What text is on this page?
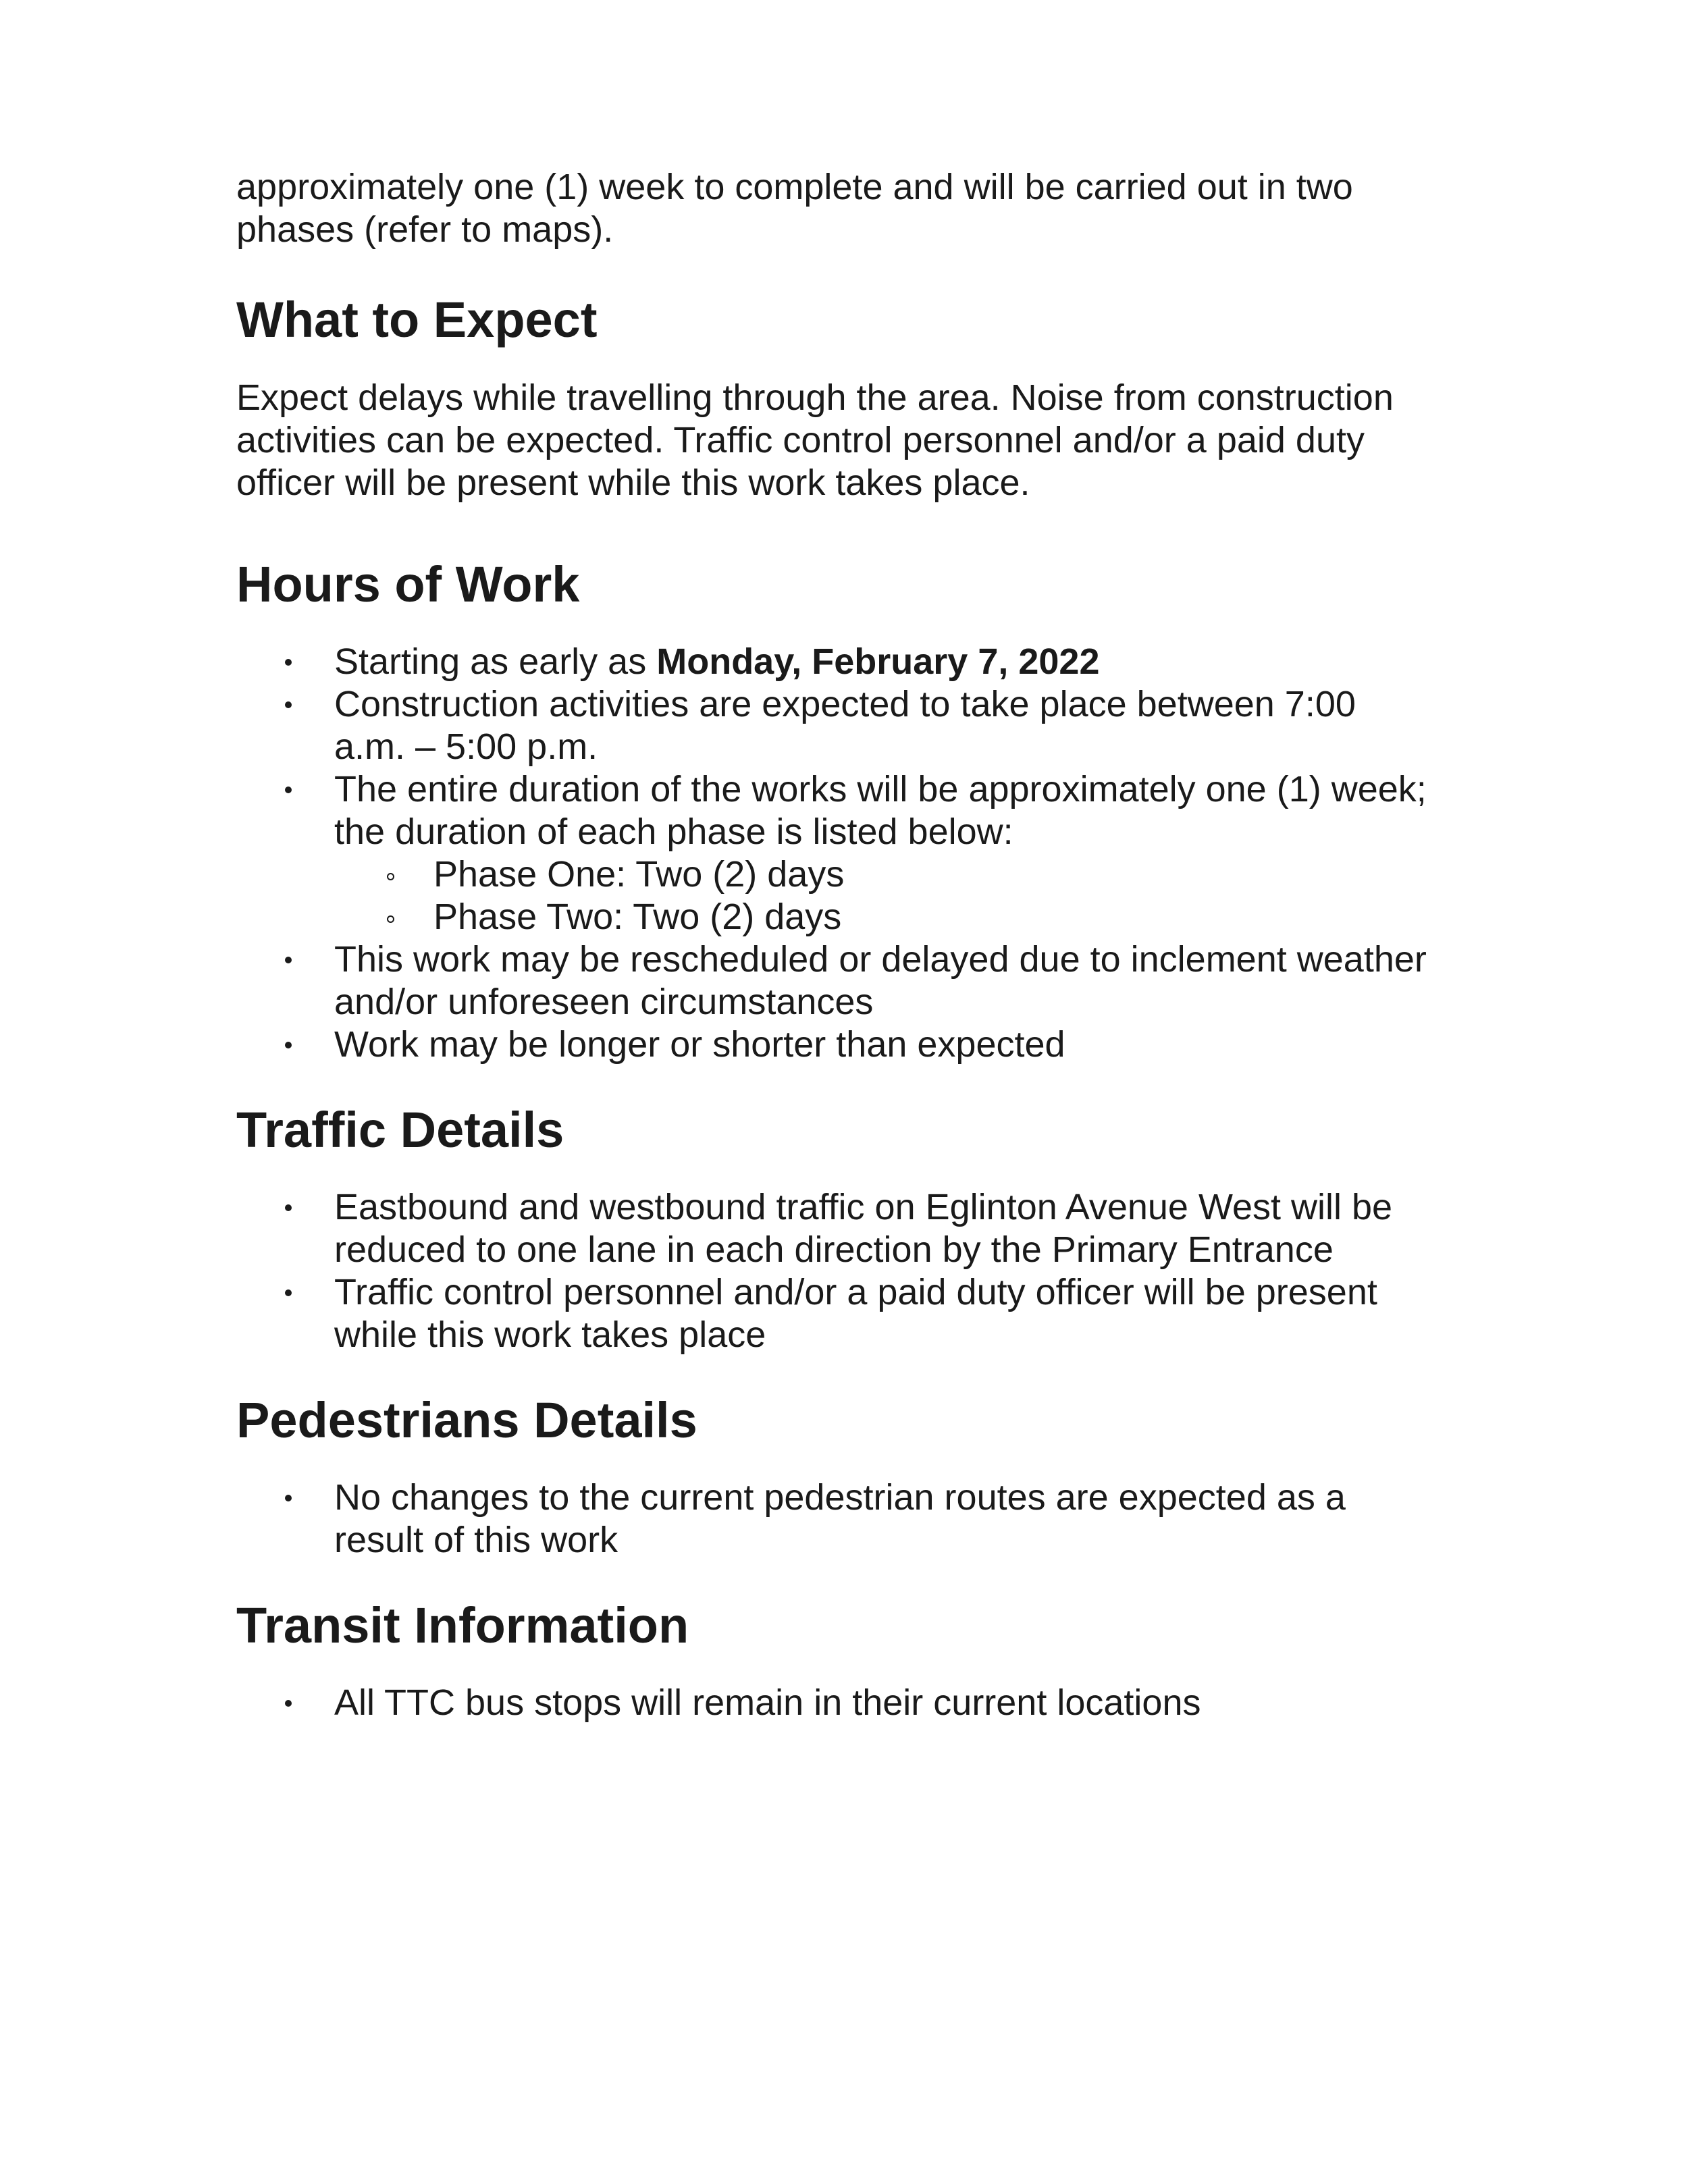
approximately one (1) week to complete and will be carried out in two
phases (refer to maps).

What to Expect

Expect delays while travelling through the area. Noise from construction
activities can be expected. Traffic control personnel and/or a paid duty
officer will be present while this work takes place.

Hours of Work
Starting as early as Monday, February 7, 2022
Construction activities are expected to take place between 7:00
a.m. – 5:00 p.m.
The entire duration of the works will be approximately one (1) week;
the duration of each phase is listed below:
Phase One: Two (2) days
Phase Two: Two (2) days
This work may be rescheduled or delayed due to inclement weather
and/or unforeseen circumstances
Work may be longer or shorter than expected
Traffic Details
Eastbound and westbound traffic on Eglinton Avenue West will be
reduced to one lane in each direction by the Primary Entrance
Traffic control personnel and/or a paid duty officer will be present
while this work takes place
Pedestrians Details
No changes to the current pedestrian routes are expected as a
result of this work
Transit Information
All TTC bus stops will remain in their current locations
